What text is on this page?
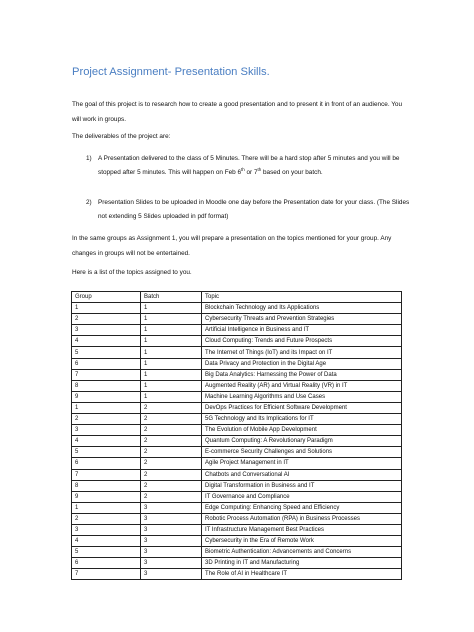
Project Assignment- Presentation Skills.

The goal of this project is to research how to create a good presentation and to present it in front of an audience. You will work in groups.

The deliverables of the project are:

1) A Presentation delivered to the class of 5 Minutes. There will be a hard stop after 5 minutes and you will be stopped after 5 minutes. This will happen on Feb 6th or 7th based on your batch.

2) Presentation Slides to be uploaded in Moodle one day before the Presentation date for your class. (The Slides not extending 5 Slides uploaded in pdf format)

In the same groups as Assignment 1, you will prepare a presentation on the topics mentioned for your group. Any changes in groups will not be entertained.

Here is a list of the topics assigned to you.

Group	Batch	Topic
1	1	Blockchain Technology and Its Applications
2	1	Cybersecurity Threats and Prevention Strategies
3	1	Artificial Intelligence in Business and IT
4	1	Cloud Computing: Trends and Future Prospects
5	1	The Internet of Things (IoT) and its Impact on IT
6	1	Data Privacy and Protection in the Digital Age
7	1	Big Data Analytics: Harnessing the Power of Data
8	1	Augmented Reality (AR) and Virtual Reality (VR) in IT
9	1	Machine Learning Algorithms and Use Cases
1	2	DevOps Practices for Efficient Software Development
2	2	5G Technology and Its Implications for IT
3	2	The Evolution of Mobile App Development
4	2	Quantum Computing: A Revolutionary Paradigm
5	2	E-commerce Security Challenges and Solutions
6	2	Agile Project Management in IT
7	2	Chatbots and Conversational AI
8	2	Digital Transformation in Business and IT
9	2	IT Governance and Compliance
1	3	Edge Computing: Enhancing Speed and Efficiency
2	3	Robotic Process Automation (RPA) in Business Processes
3	3	IT Infrastructure Management Best Practices
4	3	Cybersecurity in the Era of Remote Work
5	3	Biometric Authentication: Advancements and Concerns
6	3	3D Printing in IT and Manufacturing
7	3	The Role of AI in Healthcare IT
